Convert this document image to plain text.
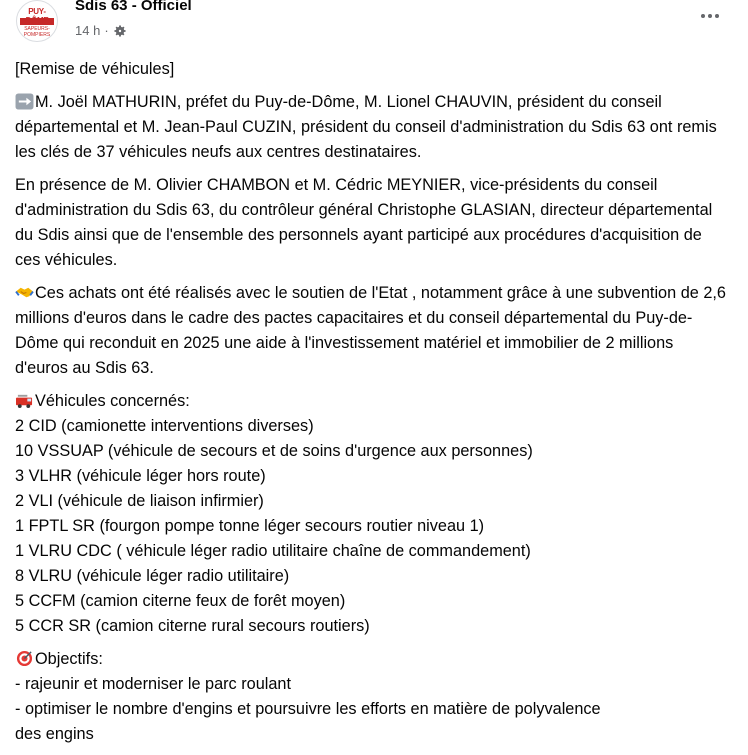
PUY-
SAPEURS-POMPIERS
Sdis 63 - Officiel
14 h ·

[Remise de véhicules]

M. Joël MATHURIN, préfet du Puy-de-Dôme, M. Lionel CHAUVIN, président du conseil départemental et M. Jean-Paul CUZIN, président du conseil d'administration du Sdis 63 ont remis les clés de 37 véhicules neufs aux centres destinataires.

En présence de M. Olivier CHAMBON et M. Cédric MEYNIER, vice-présidents du conseil d'administration du Sdis 63, du contrôleur général Christophe GLASIAN, directeur départemental du Sdis ainsi que de l'ensemble des personnels ayant participé aux procédures d'acquisition de ces véhicules.

Ces achats ont été réalisés avec le soutien de l'Etat , notamment grâce à une subvention de 2,6 millions d'euros dans le cadre des pactes capacitaires et du conseil départemental du Puy-de-Dôme qui reconduit en 2025 une aide à l'investissement matériel et immobilier de 2 millions d'euros au Sdis 63.

Véhicules concernés:
2 CID (camionette interventions diverses)
10 VSSUAP (véhicule de secours et de soins d'urgence aux personnes)
3 VLHR (véhicule léger hors route)
2 VLI (véhicule de liaison infirmier)
1 FPTL SR (fourgon pompe tonne léger secours routier niveau 1)
1 VLRU CDC ( véhicule léger radio utilitaire chaîne de commandement)
8 VLRU (véhicule léger radio utilitaire)
5 CCFM (camion citerne feux de forêt moyen)
5 CCR SR (camion citerne rural secours routiers)

Objectifs:
- rajeunir et moderniser le parc roulant
- optimiser le nombre d'engins et poursuivre les efforts en matière de polyvalence
des engins
